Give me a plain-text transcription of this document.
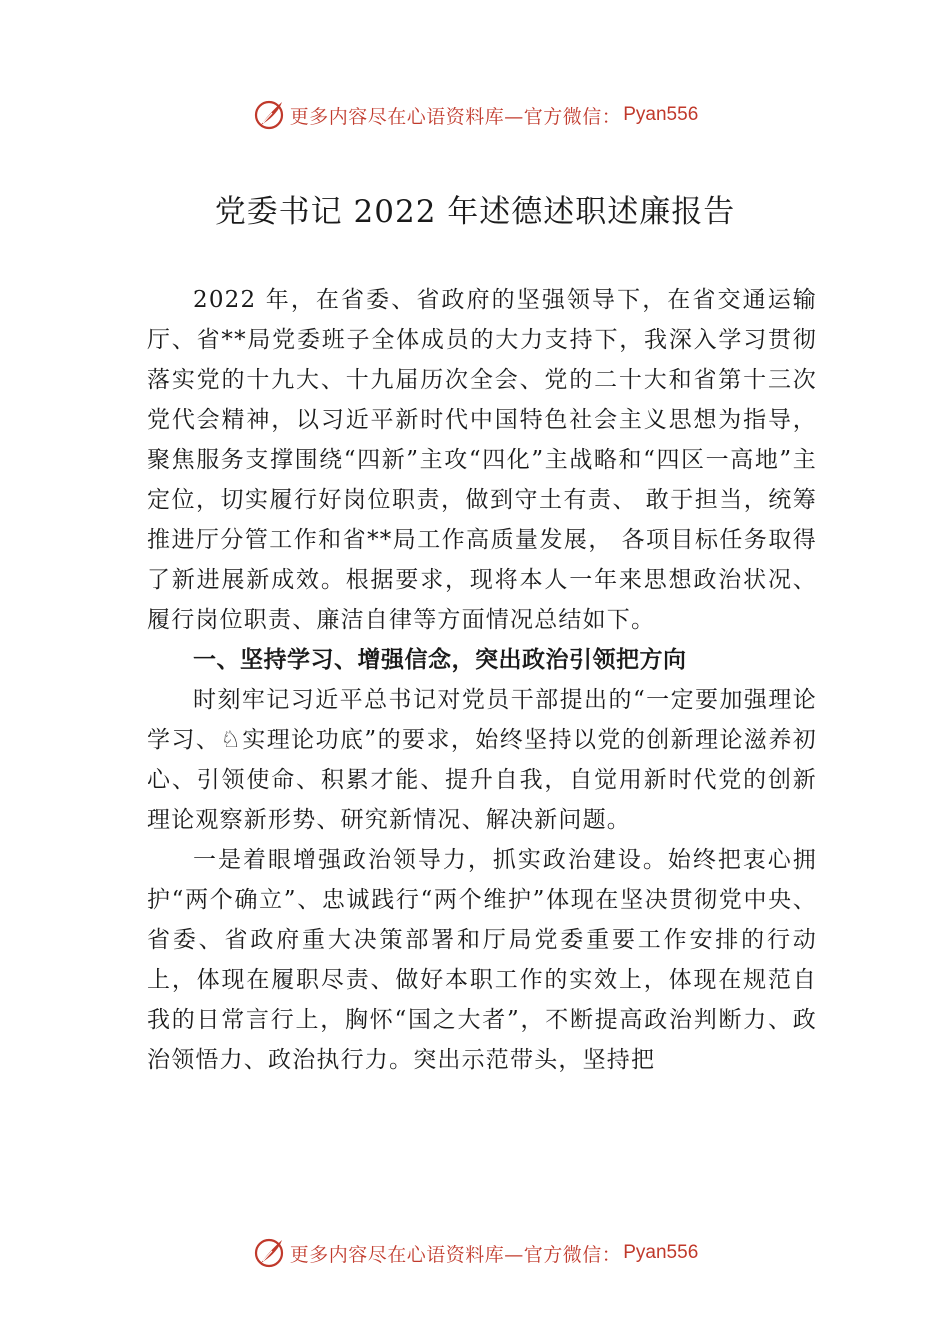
更多内容尽在心语资料库—官方微信： Pyan556
党委书记 2022 年述德述职述廉报告

2022 年，在省委、省政府的坚强领导下，在省交通运输厅、省**局党委班子全体成员的大力支持下，我深入学习贯彻落实党的十九大、十九届历次全会、党的二十大和省第十三次党代会精神，以习近平新时代中国特色社会主义思想为指导，聚焦服务支撑围绕“四新”主攻“四化”主战略和“四区一高地”主定位，切实履行好岗位职责，做到守土有责、 敢于担当，统筹推进厅分管工作和省**局工作高质量发展， 各项目标任务取得了新进展新成效。根据要求，现将本人一年来思想政治状况、履行岗位职责、廉洁自律等方面情况总结如下。

一、坚持学习、增强信念，突出政治引领把方向

时刻牢记习近平总书记对党员干部提出的“一定要加强理论学习、♘实理论功底”的要求，始终坚持以党的创新理论滋养初心、引领使命、积累才能、提升自我，自觉用新时代党的创新理论观察新形势、研究新情况、解决新问题。

一是着眼增强政治领导力，抓实政治建设。始终把衷心拥护“两个确立”、忠诚践行“两个维护”体现在坚决贯彻党中央、省委、省政府重大决策部署和厅局党委重要工作安排的行动上，体现在履职尽责、做好本职工作的实效上，体现在规范自我的日常言行上，胸怀“国之大者”，不断提高政治判断力、政治领悟力、政治执行力。突出示范带头，坚持把

更多内容尽在心语资料库—官方微信： Pyan556
